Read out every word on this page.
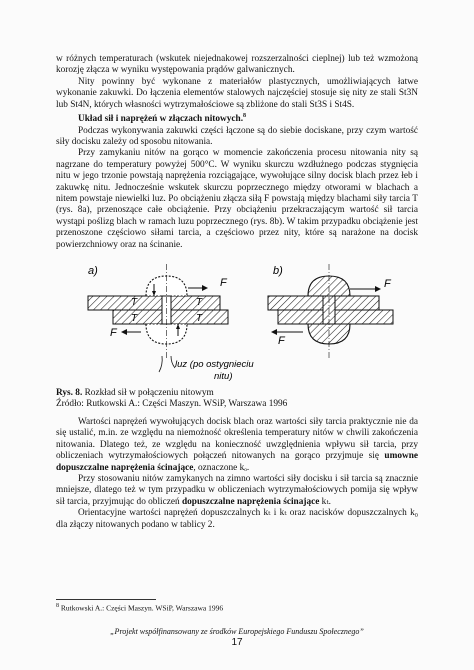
w różnych temperaturach (wskutek niejednakowej rozszerzalności cieplnej) lub też wzmożoną korozję złącza w wyniku występowania prądów galwanicznych.

Nity powinny być wykonane z materiałów plastycznych, umożliwiających łatwe wykonanie zakuwki. Do łączenia elementów stalowych najczęściej stosuje się nity ze stali St3N lub St4N, których własności wytrzymałościowe są zbliżone do stali St3S i St4S.

Układ sił i naprężeń w złączach nitowych.$^8$

Podczas wykonywania zakuwki części łączone są do siebie dociskane, przy czym wartość siły docisku zależy od sposobu nitowania.

Przy zamykaniu nitów na gorąco w momencie zakończenia procesu nitowania nity są nagrzane do temperatury powyżej 500°C. W wyniku skurczu wzdłużnego podczas stygnięcia nitu w jego trzonie powstają naprężenia rozciągające, wywołujące silny docisk blach przez łeb i zakuwkę nitu. Jednocześnie wskutek skurczu poprzecznego między otworami w blachach a nitem powstaje niewielki luz. Po obciążeniu złącza siłą F powstają między blachami siły tarcia T (rys. 8a), przenoszące całe obciążenie. Przy obciążeniu przekraczającym wartość sił tarcia wystąpi poślizg blach w ramach luzu poprzecznego (rys. 8b). W takim przypadku obciążenie jest przenoszone częściowo siłami tarcia, a częściowo przez nity, które są narażone na docisk powierzchniowy oraz na ścinanie.

a)
F
F
T	T
T	T
luz (po ostygnieciu
nitu)
b)
F
F
Rys. 8. Rozkład sił w połączeniu nitowym
Źródło: Rutkowski A.: Części Maszyn. WSiP, Warszawa 1996

Wartości naprężeń wywołujących docisk blach oraz wartości siły tarcia praktycznie nie da się ustalić, m.in. ze względu na niemożność określenia temperatury nitów w chwili zakończenia nitowania. Dlatego też, ze względu na konieczność uwzględnienia wpływu sił tarcia, przy obliczeniach wytrzymałościowych połączeń nitowanych na gorąco przyjmuje się umowne dopuszczalne naprężenia ścinające, oznaczone kₒ.

Przy stosowaniu nitów zamykanych na zimno wartości siły docisku i sił tarcia są znacznie mniejsze, dlatego też w tym przypadku w obliczeniach wytrzymałościowych pomija się wpływ sił tarcia, przyjmując do obliczeń dopuszczalne naprężenia ścinające kₜ.

Orientacyjne wartości naprężeń dopuszczalnych kₜ i kₜ oraz nacisków dopuszczalnych k₀ dla złączy nitowanych podano w tablicy 2.

$^8$ Rutkowski A.: Części Maszyn. WSiP, Warszawa 1996
„Projekt współfinansowany ze środków Europejskiego Funduszu Społecznego”
17
